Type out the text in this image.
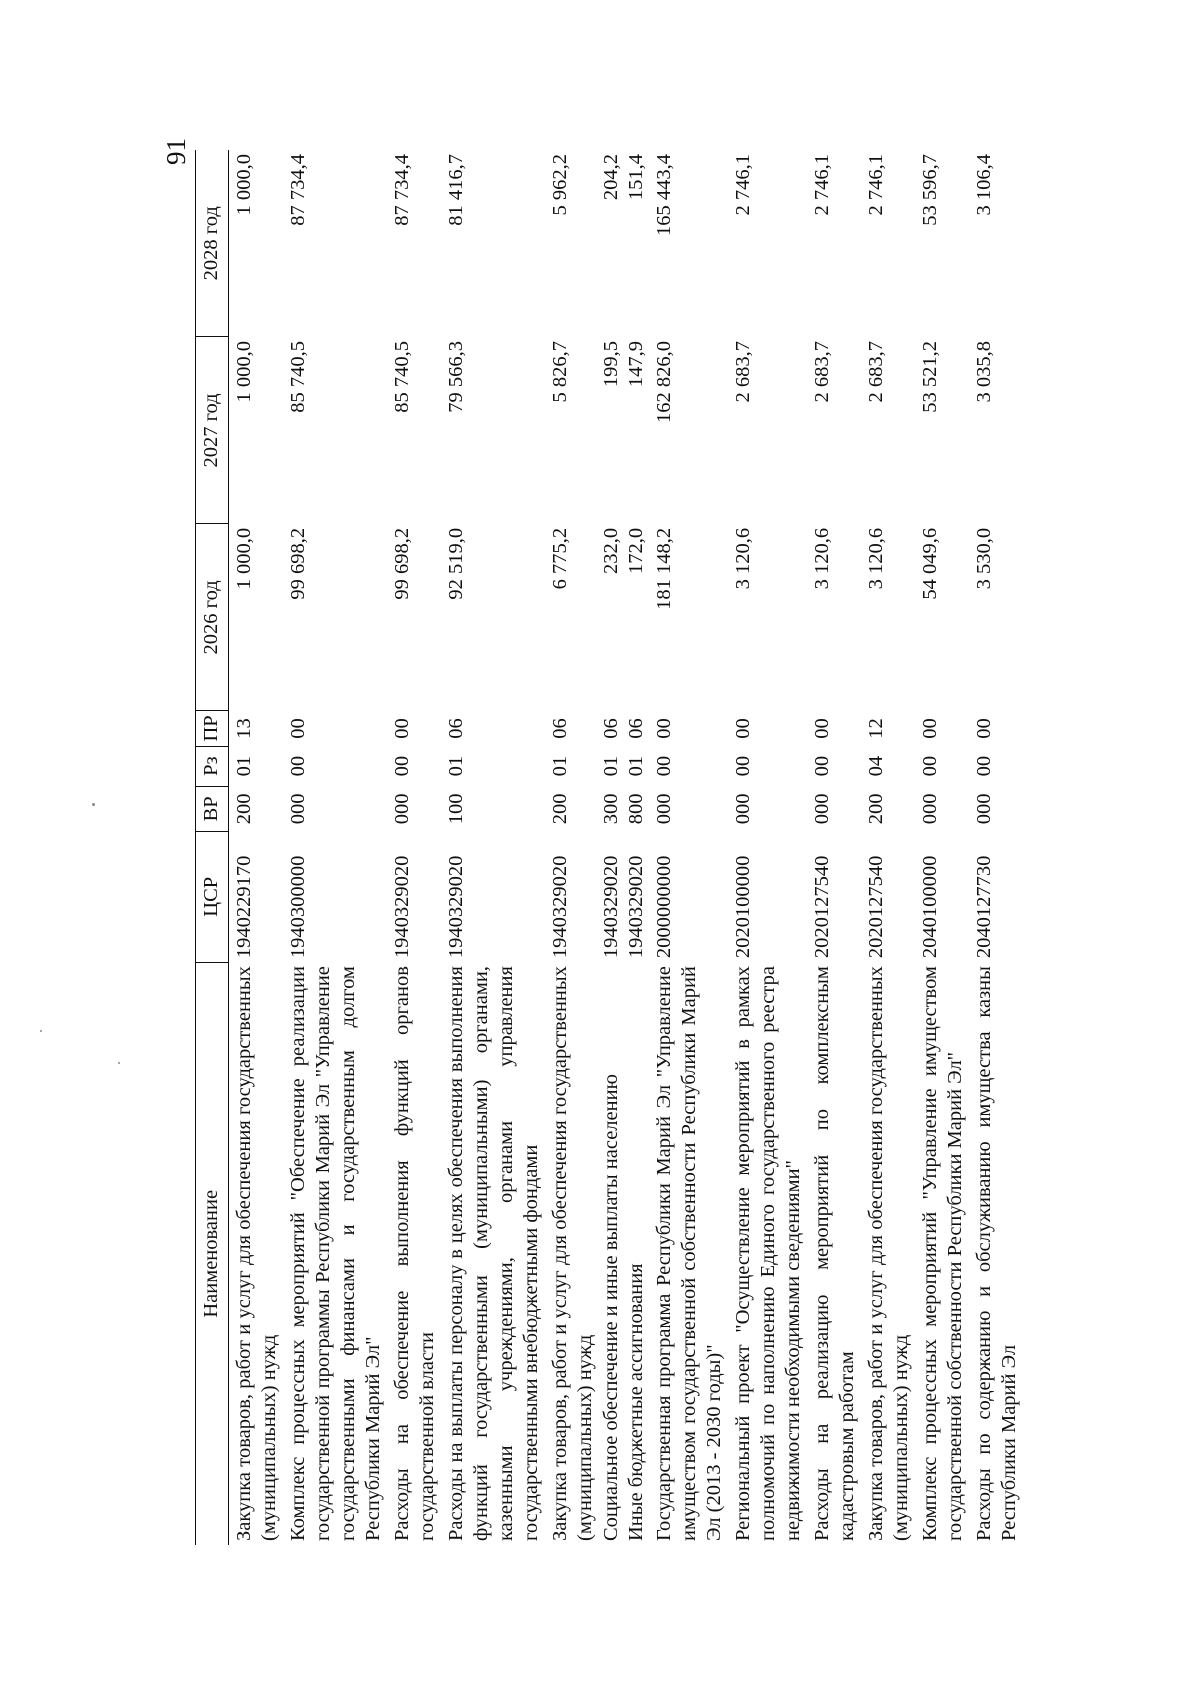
91
Наименование	ЦСР	ВР	Рз	ПР	2026 год	2027 год	2028 год
Закупка товаров, работ и услуг для обеспечения государственных (муниципальных) нужд	1940229170	200	01	13	1 000,0	1 000,0	1 000,0
Комплекс процессных мероприятий "Обеспечение реализации государственной программы Республики Марий Эл "Управление государственными финансами и государственным долгом Республики Марий Эл"	1940300000	000	00	00	99 698,2	85 740,5	87 734,4
Расходы на обеспечение выполнения функций органов государственной власти	1940329020	000	00	00	99 698,2	85 740,5	87 734,4
Расходы на выплаты персоналу в целях обеспечения выполнения функций государственными (муниципальными) органами, казенными учреждениями, органами управления государственными внебюджетными фондами	1940329020	100	01	06	92 519,0	79 566,3	81 416,7
Закупка товаров, работ и услуг для обеспечения государственных (муниципальных) нужд	1940329020	200	01	06	6 775,2	5 826,7	5 962,2
Социальное обеспечение и иные выплаты населению	1940329020	300	01	06	232,0	199,5	204,2
Иные бюджетные ассигнования	1940329020	800	01	06	172,0	147,9	151,4
Государственная программа Республики Марий Эл "Управление имуществом государственной собственности Республики Марий Эл (2013 - 2030 годы)"	2000000000	000	00	00	181 148,2	162 826,0	165 443,4
Региональный проект "Осуществление мероприятий в рамках полномочий по наполнению Единого государственного реестра недвижимости необходимыми сведениями"	2020100000	000	00	00	3 120,6	2 683,7	2 746,1
Расходы на реализацию мероприятий по комплексным кадастровым работам	2020127540	000	00	00	3 120,6	2 683,7	2 746,1
Закупка товаров, работ и услуг для обеспечения государственных (муниципальных) нужд	2020127540	200	04	12	3 120,6	2 683,7	2 746,1
Комплекс процессных мероприятий "Управление имуществом государственной собственности Республики Марий Эл"	2040100000	000	00	00	54 049,6	53 521,2	53 596,7
Расходы по содержанию и обслуживанию имущества казны Республики Марий Эл	2040127730	000	00	00	3 530,0	3 035,8	3 106,4
